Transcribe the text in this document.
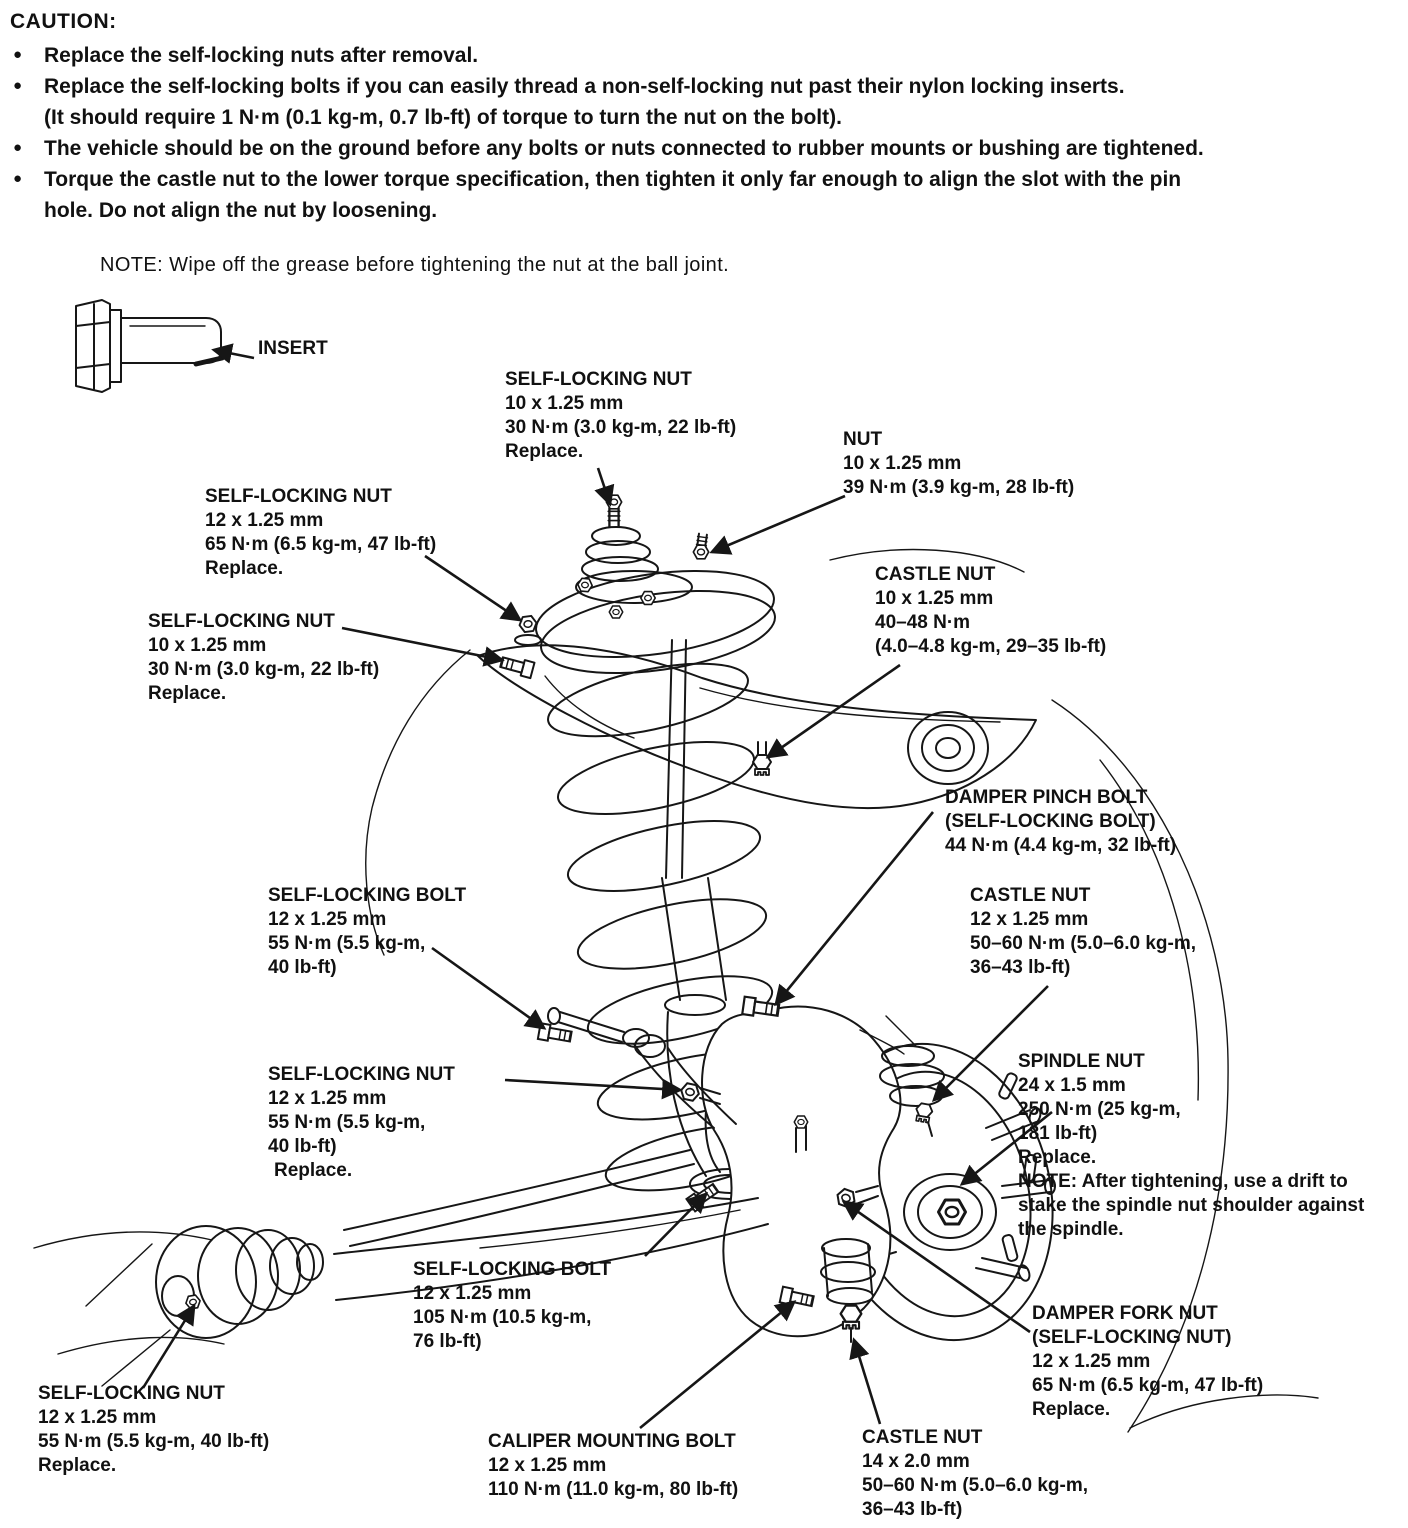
CAUTION:
● Replace the self-locking nuts after removal.
● Replace the self-locking bolts if you can easily thread a non-self-locking nut past their nylon locking inserts.
(It should require 1 N·m (0.1 kg-m, 0.7 lb-ft) of torque to turn the nut on the bolt).
● The vehicle should be on the ground before any bolts or nuts connected to rubber mounts or bushing are tightened.
● Torque the castle nut to the lower torque specification, then tighten it only far enough to align the slot with the pin
hole. Do not align the nut by loosening.
NOTE: Wipe off the grease before tightening the nut at the ball joint.
INSERT
SELF-LOCKING NUT
10 x 1.25 mm
30 N·m (3.0 kg-m, 22 lb-ft)
Replace.
NUT
10 x 1.25 mm
39 N·m (3.9 kg-m, 28 lb-ft)
SELF-LOCKING NUT
12 x 1.25 mm
65 N·m (6.5 kg-m, 47 lb-ft)
Replace.	CASTLE NUT
10 x 1.25 mm
40–48 N·m
(4.0–4.8 kg-m, 29–35 lb-ft)
SELF-LOCKING NUT
10 x 1.25 mm
30 N·m (3.0 kg-m, 22 lb-ft)
Replace.
DAMPER PINCH BOLT
(SELF-LOCKING BOLT)
44 N·m (4.4 kg-m, 32 lb-ft)
CASTLE NUT
12 x 1.25 mm
50–60 N·m (5.0–6.0 kg-m,
36–43 lb-ft)
SELF-LOCKING BOLT
12 x 1.25 mm
55 N·m (5.5 kg-m,
40 lb-ft)
SELF-LOCKING NUT
12 x 1.25 mm
55 N·m (5.5 kg-m,
40 lb-ft)
Replace.
SPINDLE NUT
24 x 1.5 mm
250 N·m (25 kg-m,
181 lb-ft)
Replace.
NOTE: After tightening, use a drift to
stake the spindle nut shoulder against
the spindle.
SELF-LOCKING BOLT
12 x 1.25 mm
105 N·m (10.5 kg-m,
76 lb-ft)
DAMPER FORK NUT
(SELF-LOCKING NUT)
12 x 1.25 mm
65 N·m (6.5 kg-m, 47 lb-ft)
Replace.
SELF-LOCKING NUT
12 x 1.25 mm
55 N·m (5.5 kg-m, 40 lb-ft)
Replace.
CALIPER MOUNTING BOLT
12 x 1.25 mm
110 N·m (11.0 kg-m, 80 lb-ft)
CASTLE NUT
14 x 2.0 mm
50–60 N·m (5.0–6.0 kg-m,
36–43 lb-ft)
